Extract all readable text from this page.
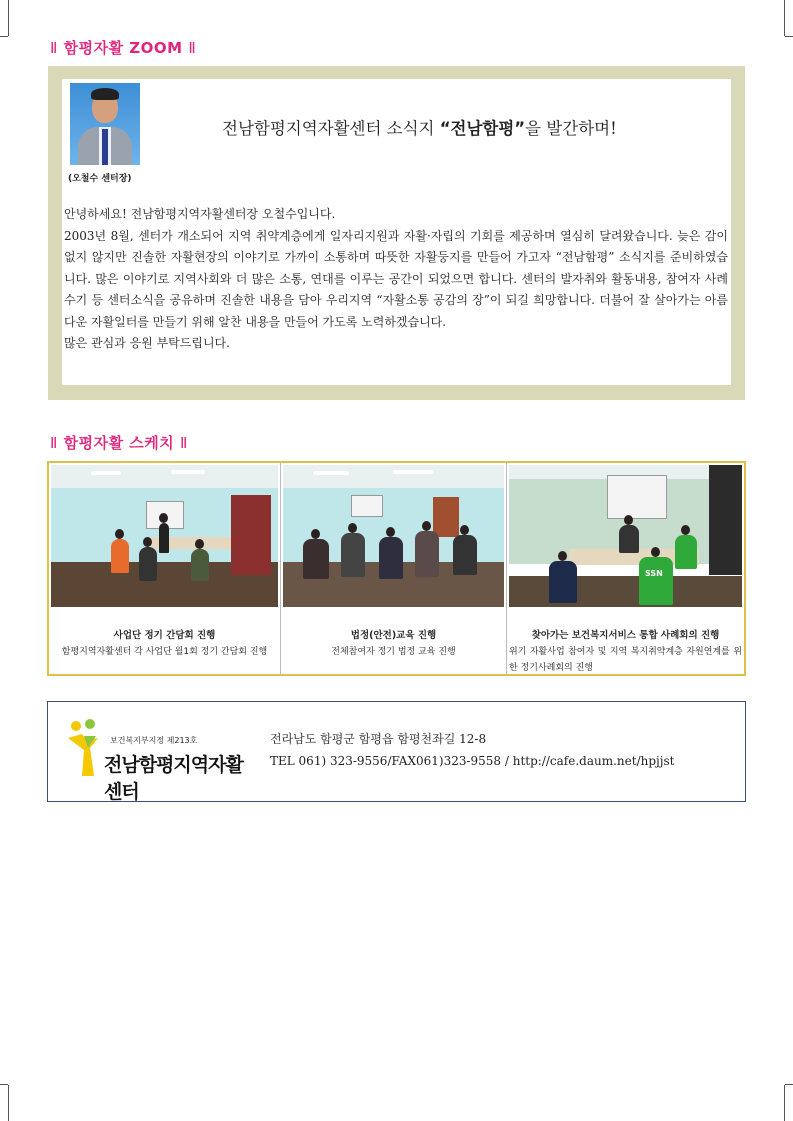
Ⅱ 함평자활 ZOOM Ⅱ
(오철수 센터장)
전남함평지역자활센터 소식지 “전남함평”을 발간하며!

안녕하세요! 전남함평지역자활센터장 오철수입니다.

2003년 8월, 센터가 개소되어 지역 취약계층에게 일자리지원과 자활·자립의 기회를 제공하며 열심히 달려왔습니다. 늦은 감이 없지 않지만 진솔한 자활현장의 이야기로 가까이 소통하며 따뜻한 자활둥지를 만들어 가고자 “전남함평” 소식지를 준비하였습니다. 많은 이야기로 지역사회와 더 많은 소통, 연대를 이루는 공간이 되었으면 합니다. 센터의 발자취와 활동내용, 참여자 사례수기 등 센터소식을 공유하며 진솔한 내용을 담아 우리지역 “자활소통 공감의 장”이 되길 희망합니다. 더불어 잘 살아가는 아름다운 자활일터를 만들기 위해 알찬 내용을 만들어 가도록 노력하겠습니다.

많은 관심과 응원 부탁드립니다.

Ⅱ 함평자활 스케치 Ⅱ
사업단 정기 간담회 진행
함평지역자활센터 각 사업단 월1회 정기 간담회 진행
법정(안전)교육 진행
전체참여자 정기 법정 교육 진행
SSN
찾아가는 보건복지서비스 통합 사례회의 진행
위기 자활사업 참여자 및 지역 복지취약계층 자원연계를 위한 정기사례회의 진행
보건복지부지정 제213호
전남함평지역자활센터
전라남도 함평군 함평읍 함평천좌길 12-8
TEL 061) 323-9556/FAX061)323-9558 / http://cafe.daum.net/hpjjst
